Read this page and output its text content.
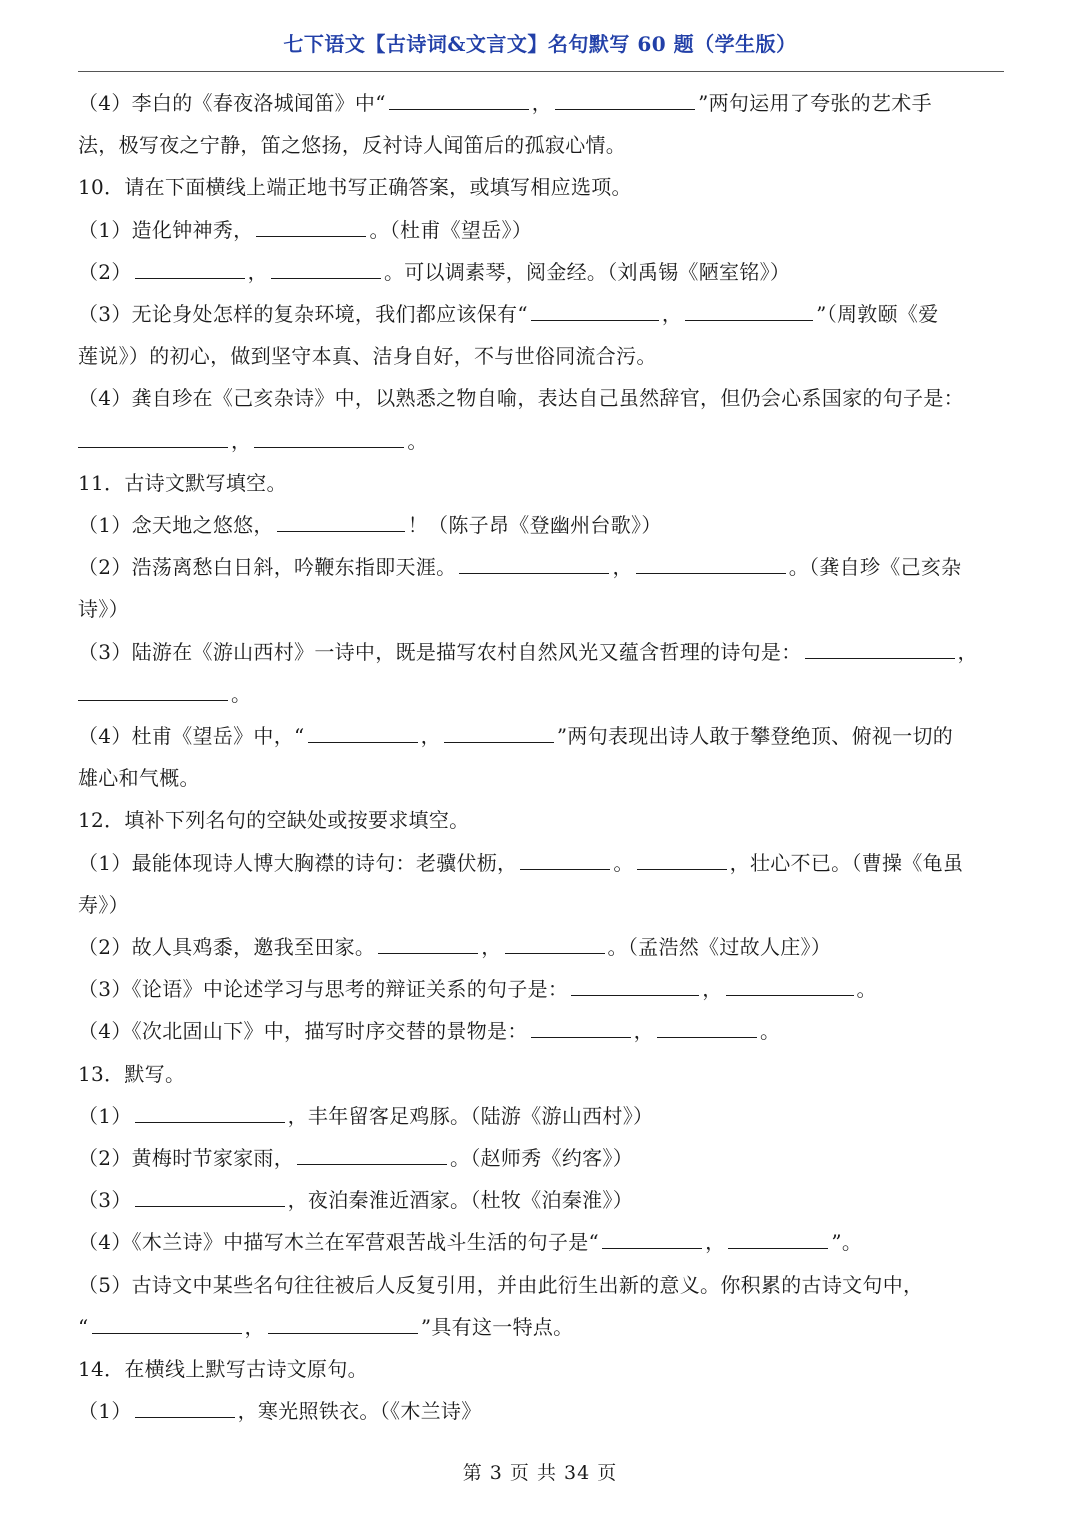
七下语文【古诗词&文言文】名句默写 60 题（学生版）
（4）李白的《春夜洛城闻笛》中“	，	”两句运用了夸张的艺术手
法，极写夜之宁静，笛之悠扬，反衬诗人闻笛后的孤寂心情。
10．请在下面横线上端正地书写正确答案，或填写相应选项。
（1）造化钟神秀，	。（杜甫《望岳》）
（2）	，	。可以调素琴，阅金经。（刘禹锡《陋室铭》）
（3）无论身处怎样的复杂环境，我们都应该保有“	，	”（周敦颐《爱
莲说》）的初心，做到坚守本真、洁身自好，不与世俗同流合污。
（4）龚自珍在《己亥杂诗》中，以熟悉之物自喻，表达自己虽然辞官，但仍会心系国家的句子是：
，	。
11．古诗文默写填空。
（1）念天地之悠悠，	！（陈子昂《登幽州台歌》）
（2）浩荡离愁白日斜，吟鞭东指即天涯。	，	。（龚自珍《己亥杂
诗》）
（3）陆游在《游山西村》一诗中，既是描写农村自然风光又蕴含哲理的诗句是：	，
。
（4）杜甫《望岳》中，“	，	”两句表现出诗人敢于攀登绝顶、俯视一切的
雄心和气概。
12．填补下列名句的空缺处或按要求填空。
（1）最能体现诗人博大胸襟的诗句：老骥伏枥，	。	，壮心不已。（曹操《龟虽
寿》）
（2）故人具鸡黍，邀我至田家。	，	。（孟浩然《过故人庄》）
（3）《论语》中论述学习与思考的辩证关系的句子是：	，	。
（4）《次北固山下》中，描写时序交替的景物是：	，	。
13．默写。
（1）	，丰年留客足鸡豚。（陆游《游山西村》）
（2）黄梅时节家家雨，	。（赵师秀《约客》）
（3）	，夜泊秦淮近酒家。（杜牧《泊秦淮》）
（4）《木兰诗》中描写木兰在军营艰苦战斗生活的句子是“	，	”。
（5）古诗文中某些名句往往被后人反复引用，并由此衍生出新的意义。你积累的古诗文句中，
“	，	”具有这一特点。
14．在横线上默写古诗文原句。
（1）	，寒光照铁衣。（《木兰诗》
第 3 页 共 34 页
